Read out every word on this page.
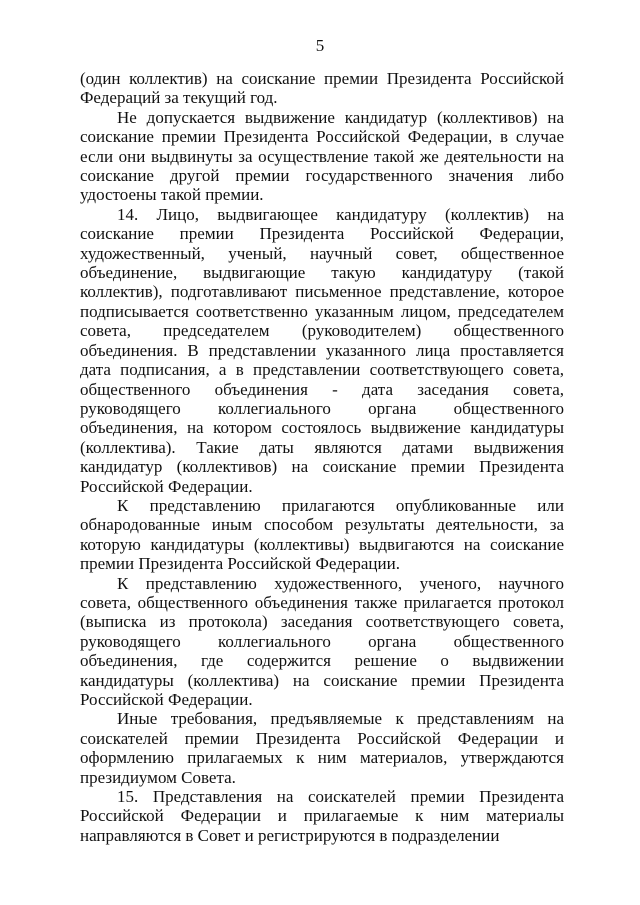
5

(один коллектив) на соискание премии Президента Российской Федераций за текущий год.

Не допускается выдвижение кандидатур (коллективов) на соискание премии Президента Российской Федерации, в случае если они выдвинуты за осуществление такой же деятельности на соискание другой премии государственного значения либо удостоены такой премии.

14. Лицо, выдвигающее кандидатуру (коллектив) на соискание премии Президента Российской Федерации, художественный, ученый, научный совет, общественное объединение, выдвигающие такую кандидатуру (такой коллектив), подготавливают письменное представление, которое подписывается соответственно указанным лицом, председателем совета, председателем (руководителем) общественного объединения. В представлении указанного лица проставляется дата подписания, а в представлении соответствующего совета, общественного объединения - дата заседания совета, руководящего коллегиального органа общественного объединения, на котором состоялось выдвижение кандидатуры (коллектива). Такие даты являются датами выдвижения кандидатур (коллективов) на соискание премии Президента Российской Федерации.

К представлению прилагаются опубликованные или обнародованные иным способом результаты деятельности, за которую кандидатуры (коллективы) выдвигаются на соискание премии Президента Российской Федерации.

К представлению художественного, ученого, научного совета, общественного объединения также прилагается протокол (выписка из протокола) заседания соответствующего совета, руководящего коллегиального органа общественного объединения, где содержится решение о выдвижении кандидатуры (коллектива) на соискание премии Президента Российской Федерации.

Иные требования, предъявляемые к представлениям на соискателей премии Президента Российской Федерации и оформлению прилагаемых к ним материалов, утверждаются президиумом Совета.

15. Представления на соискателей премии Президента Российской Федерации и прилагаемые к ним материалы направляются в Совет и регистрируются в подразделении
